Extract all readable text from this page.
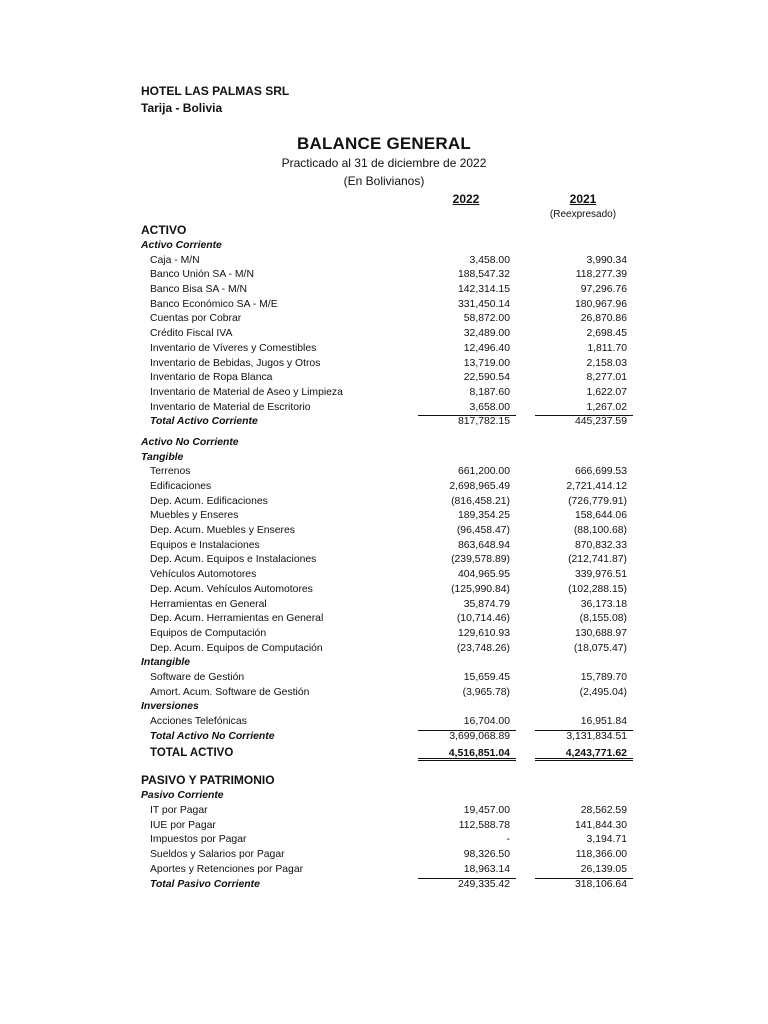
HOTEL LAS PALMAS SRL
Tarija - Bolivia
BALANCE GENERAL
Practicado al 31 de diciembre de 2022
(En Bolivianos)
2022	2021
(Reexpresado)
ACTIVO
Activo Corriente
Caja - M/N	3,458.00	3,990.34
Banco Unión SA - M/N	188,547.32	118,277.39
Banco Bisa SA - M/N	142,314.15	97,296.76
Banco Económico SA - M/E	331,450.14	180,967.96
Cuentas por Cobrar	58,872.00	26,870.86
Crédito Fiscal IVA	32,489.00	2,698.45
Inventario de Víveres y Comestibles	12,496.40	1,811.70
Inventario de Bebidas, Jugos y Otros	13,719.00	2,158.03
Inventario de Ropa Blanca	22,590.54	8,277.01
Inventario de Material de Aseo y Limpieza	8,187.60	1,622.07
Inventario de Material de Escritorio	3,658.00	1,267.02
Total Activo Corriente	817,782.15	445,237.59
Activo No Corriente
Tangible
Terrenos	661,200.00	666,699.53
Edificaciones	2,698,965.49	2,721,414.12
Dep. Acum. Edificaciones	(816,458.21)	(726,779.91)
Muebles y Enseres	189,354.25	158,644.06
Dep. Acum. Muebles y Enseres	(96,458.47)	(88,100.68)
Equipos e Instalaciones	863,648.94	870,832.33
Dep. Acum. Equipos e Instalaciones	(239,578.89)	(212,741.87)
Vehículos Automotores	404,965.95	339,976.51
Dep. Acum. Vehículos Automotores	(125,990.84)	(102,288.15)
Herramientas en General	35,874.79	36,173.18
Dep. Acum. Herramientas en General	(10,714.46)	(8,155.08)
Equipos de Computación	129,610.93	130,688.97
Dep. Acum. Equipos de Computación	(23,748.26)	(18,075.47)
Intangible
Software de Gestión	15,659.45	15,789.70
Amort. Acum. Software de Gestión	(3,965.78)	(2,495.04)
Inversiones
Acciones Telefónicas	16,704.00	16,951.84
Total Activo No Corriente	3,699,068.89	3,131,834.51
TOTAL ACTIVO	4,516,851.04	4,243,771.62
PASIVO Y PATRIMONIO
Pasivo Corriente
IT por Pagar	19,457.00	28,562.59
IUE por Pagar	112,588.78	141,844.30
Impuestos por Pagar	-	3,194.71
Sueldos y Salarios por Pagar	98,326.50	118,366.00
Aportes y Retenciones por Pagar	18,963.14	26,139.05
Total Pasivo Corriente	249,335.42	318,106.64
